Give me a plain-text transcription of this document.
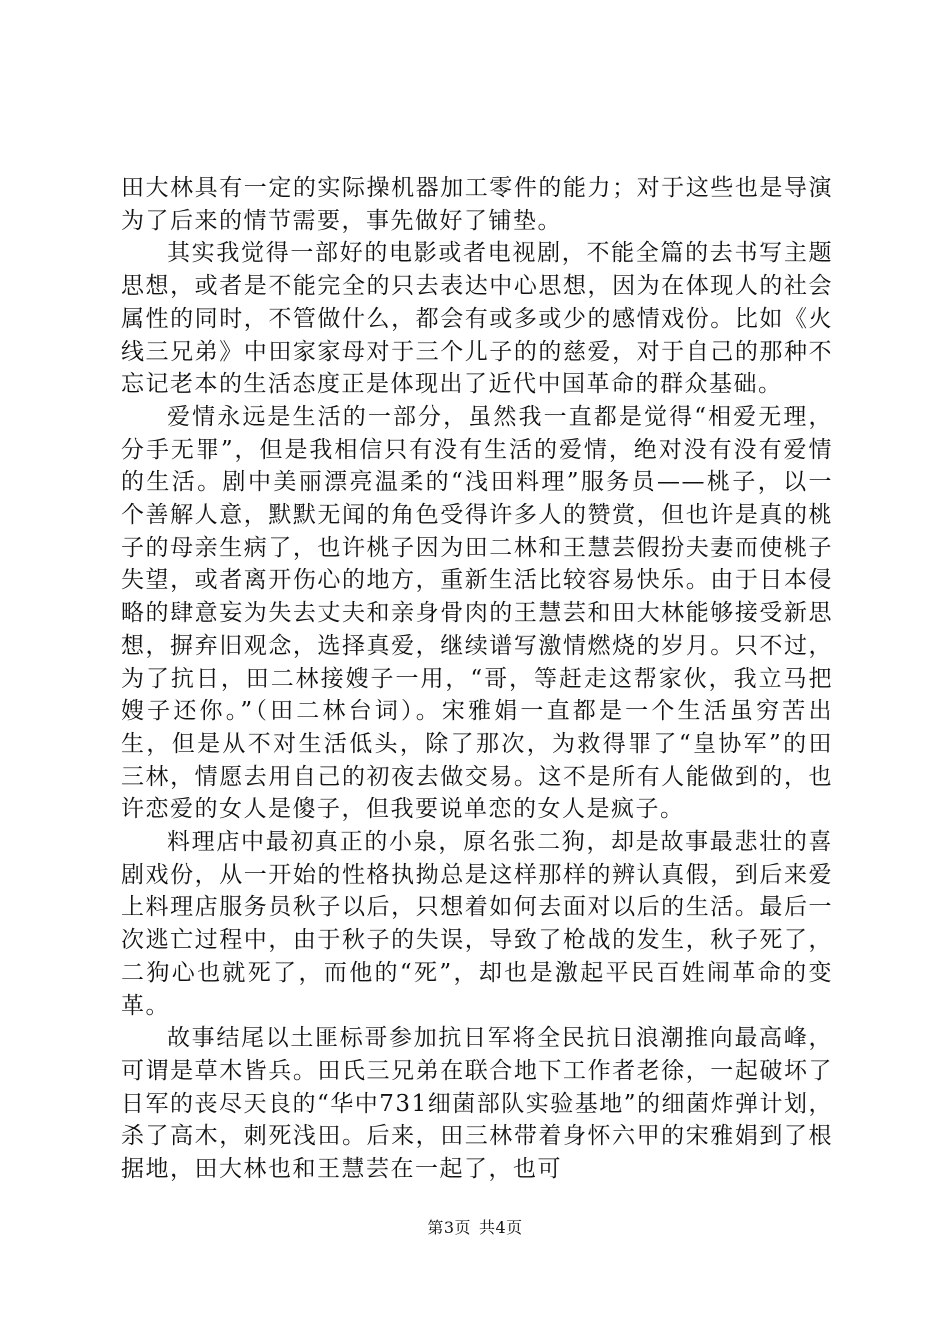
田大林具有一定的实际操机器加工零件的能力；对于这些也是导演为了后来的情节需要，事先做好了铺垫。

其实我觉得一部好的电影或者电视剧，不能全篇的去书写主题思想，或者是不能完全的只去表达中心思想，因为在体现人的社会属性的同时，不管做什么，都会有或多或少的感情戏份。比如《火线三兄弟》中田家家母对于三个儿子的的慈爱，对于自己的那种不忘记老本的生活态度正是体现出了近代中国革命的群众基础。

爱情永远是生活的一部分，虽然我一直都是觉得“相爱无理，分手无罪”，但是我相信只有没有生活的爱情，绝对没有没有爱情的生活。剧中美丽漂亮温柔的“浅田料理”服务员——桃子，以一个善解人意，默默无闻的角色受得许多人的赞赏，但也许是真的桃子的母亲生病了，也许桃子因为田二林和王慧芸假扮夫妻而使桃子失望，或者离开伤心的地方，重新生活比较容易快乐。由于日本侵略的肆意妄为失去丈夫和亲身骨肉的王慧芸和田大林能够接受新思想，摒弃旧观念，选择真爱，继续谱写激情燃烧的岁月。只不过，为了抗日，田二林接嫂子一用，“哥，等赶走这帮家伙，我立马把嫂子还你。”（田二林台词）。宋雅娟一直都是一个生活虽穷苦出生，但是从不对生活低头，除了那次，为救得罪了“皇协军”的田三林，情愿去用自己的初夜去做交易。这不是所有人能做到的，也许恋爱的女人是傻子，但我要说单恋的女人是疯子。

料理店中最初真正的小泉，原名张二狗，却是故事最悲壮的喜剧戏份，从一开始的性格执拗总是这样那样的辨认真假，到后来爱上料理店服务员秋子以后，只想着如何去面对以后的生活。最后一次逃亡过程中，由于秋子的失误，导致了枪战的发生，秋子死了，二狗心也就死了，而他的“死”，却也是激起平民百姓闹革命的变革。

故事结尾以土匪标哥参加抗日军将全民抗日浪潮推向最高峰，可谓是草木皆兵。田氏三兄弟在联合地下工作者老徐，一起破坏了日军的丧尽天良的“华中731细菌部队实验基地”的细菌炸弹计划，杀了高木，刺死浅田。后来，田三林带着身怀六甲的宋雅娟到了根据地，田大林也和王慧芸在一起了，也可

第3页 共4页
